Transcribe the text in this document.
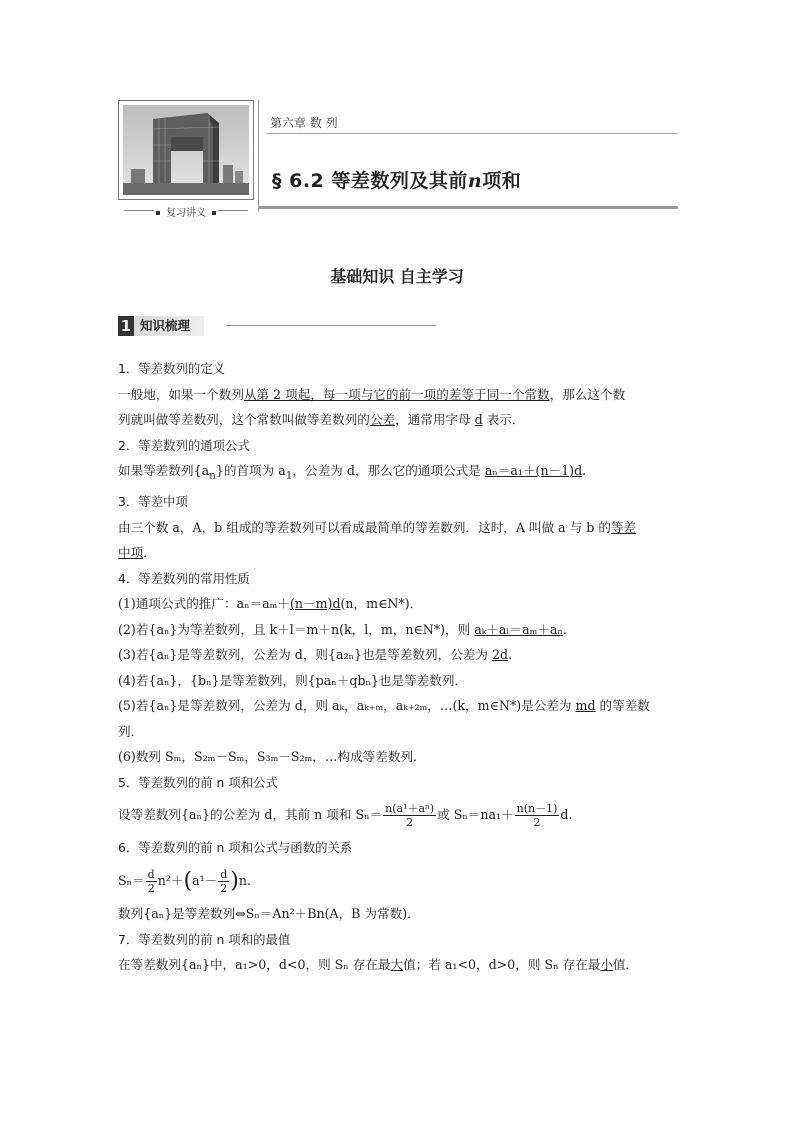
复习讲义
第六章 数 列
§ 6.2 等差数列及其前n项和
基础知识 自主学习
1 知识梳理

1．等差数列的定义

一般地，如果一个数列从第 2 项起，每一项与它的前一项的差等于同一个常数，那么这个数

列就叫做等差数列，这个常数叫做等差数列的公差，通常用字母 d 表示．

2．等差数列的通项公式

如果等差数列$\{a_n\}$的首项为 $a_1$，公差为 d，那么它的通项公式是 aₙ＝a₁＋(n－1)d.

3．等差中项

由三个数 a，A，b 组成的等差数列可以看成最简单的等差数列．这时，A 叫做 a 与 b 的等差

中项．

4．等差数列的常用性质

(1)通项公式的推广：aₙ＝aₘ＋(n－m)d(n，m∈N*)．

(2)若{aₙ}为等差数列，且 k＋l＝m＋n(k，l，m，n∈N*)，则 aₖ＋aₗ＝aₘ＋aₙ.

(3)若{aₙ}是等差数列，公差为 d，则{a₂ₙ}也是等差数列，公差为 2d.

(4)若{aₙ}，{bₙ}是等差数列，则{paₙ＋qbₙ}也是等差数列．

(5)若{aₙ}是等差数列，公差为 d，则 aₖ，aₖ₊ₘ，aₖ₊₂ₘ，…(k，m∈N*)是公差为 md 的等差数

列．

(6)数列 Sₘ，S₂ₘ－Sₘ，S₃ₘ－S₂ₘ，…构成等差数列．

5．等差数列的前 n 项和公式

设等差数列{aₙ}的公差为 d，其前 n 项和 $S_n= \frac{\text{n(a¹＋aⁿ)}}{2}$ 或 $S_n=na_1+ \frac{n(n-1)}{2} d$.

6．等差数列的前 n 项和公式与函数的关系

$S_n= \frac{d}{2} n^2+(a^1- \frac{d}{2} )n$.

数列{aₙ}是等差数列⇔Sₙ＝An²＋Bn(A，B 为常数)．

7．等差数列的前 n 项和的最值

在等差数列{aₙ}中，a₁>0，d<0，则 Sₙ 存在最大值；若 a₁<0，d>0，则 Sₙ 存在最小值．
